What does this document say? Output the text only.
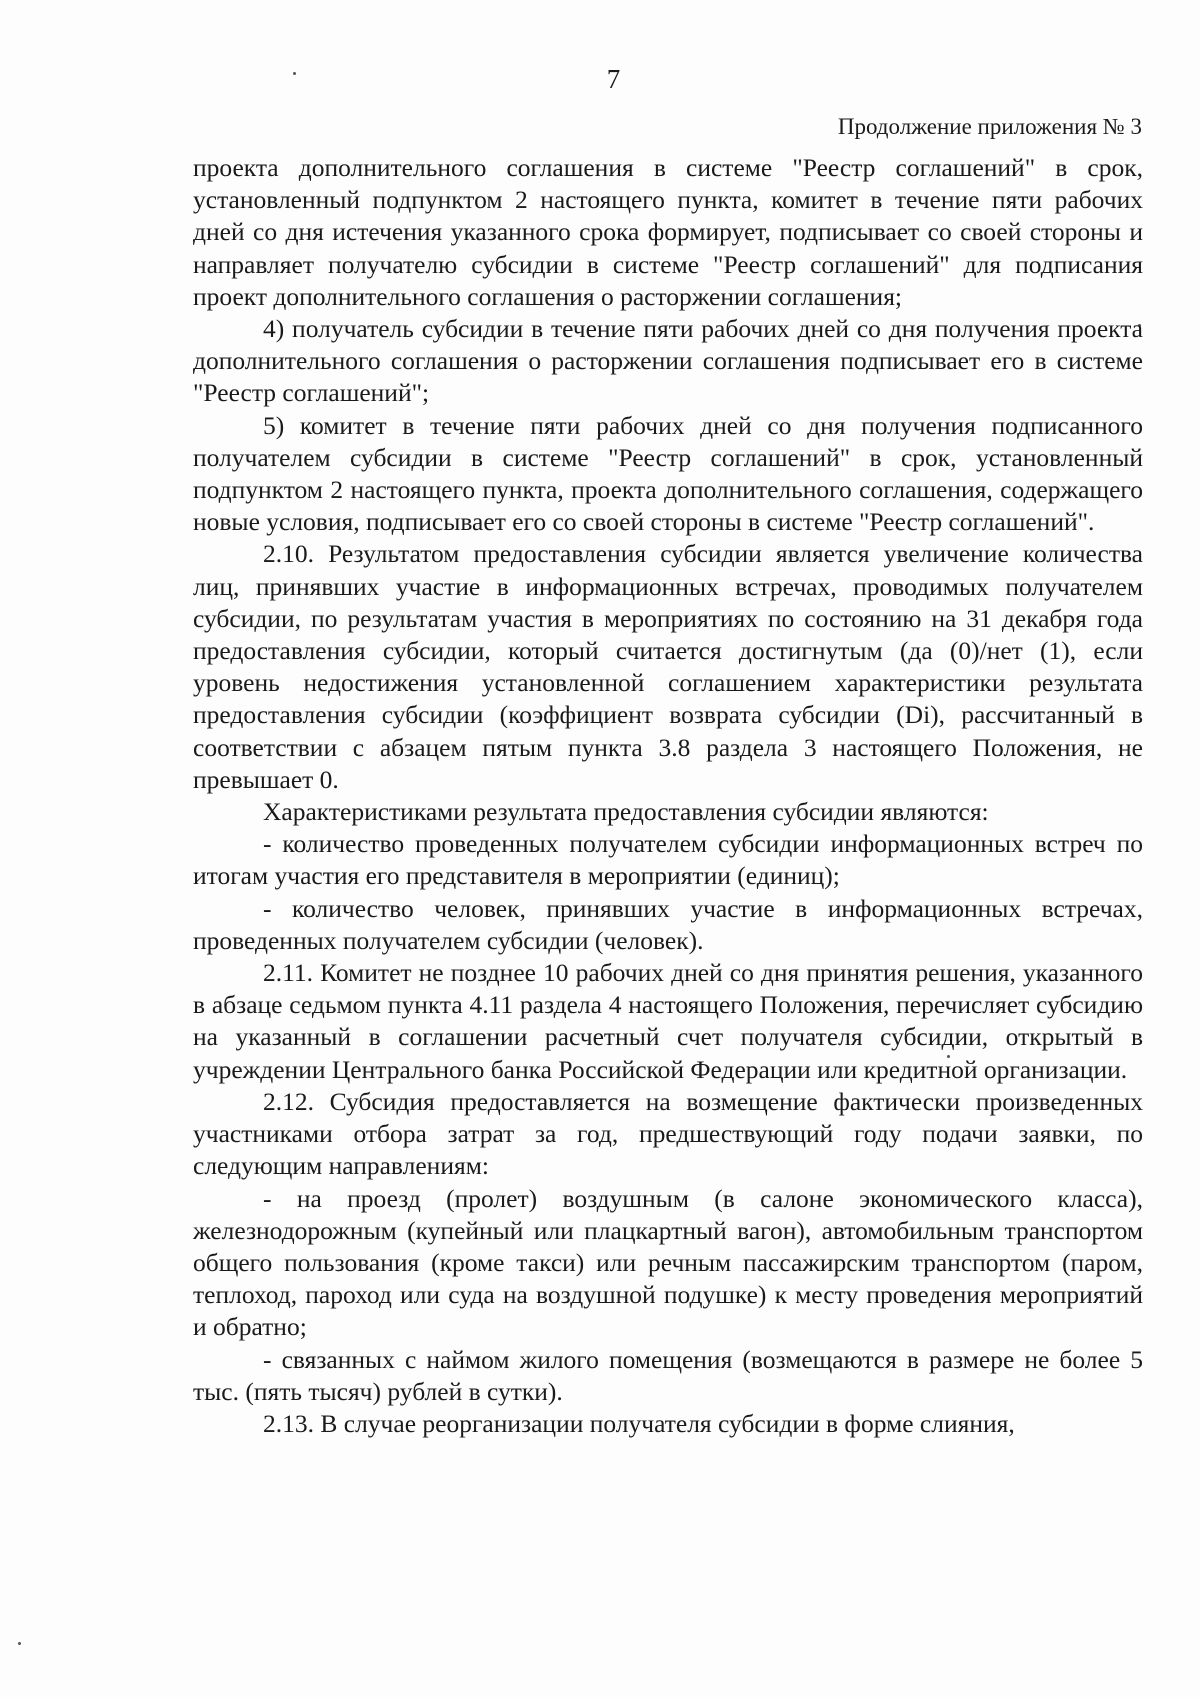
7
Продолжение приложения № 3

проекта дополнительного соглашения в системе "Реестр соглашений" в срок, установленный подпунктом 2 настоящего пункта, комитет в течение пяти рабочих дней со дня истечения указанного срока формирует, подписывает со своей стороны и направляет получателю субсидии в системе "Реестр соглашений" для подписания проект дополнительного соглашения о расторжении соглашения;

4) получатель субсидии в течение пяти рабочих дней со дня получения проекта дополнительного соглашения о расторжении соглашения подписывает его в системе "Реестр соглашений";

5) комитет в течение пяти рабочих дней со дня получения подписанного получателем субсидии в системе "Реестр соглашений" в срок, установленный подпунктом 2 настоящего пункта, проекта дополнительного соглашения, содержащего новые условия, подписывает его со своей стороны в системе "Реестр соглашений".

2.10. Результатом предоставления субсидии является увеличение количества лиц, принявших участие в информационных встречах, проводимых получателем субсидии, по результатам участия в мероприятиях по состоянию на 31 декабря года предоставления субсидии, который считается достигнутым (да (0)/нет (1), если уровень недостижения установленной соглашением характеристики результата предоставления субсидии (коэффициент возврата субсидии (Di), рассчитанный в соответствии с абзацем пятым пункта 3.8 раздела 3 настоящего Положения, не превышает 0.

Характеристиками результата предоставления субсидии являются:

- количество проведенных получателем субсидии информационных встреч по итогам участия его представителя в мероприятии (единиц);

- количество человек, принявших участие в информационных встречах, проведенных получателем субсидии (человек).

2.11. Комитет не позднее 10 рабочих дней со дня принятия решения, указанного в абзаце седьмом пункта 4.11 раздела 4 настоящего Положения, перечисляет субсидию на указанный в соглашении расчетный счет получателя субсидии, открытый в учреждении Центрального банка Российской Федерации или кредитной организации.

2.12. Субсидия предоставляется на возмещение фактически произведенных участниками отбора затрат за год, предшествующий году подачи заявки, по следующим направлениям:

- на проезд (пролет) воздушным (в салоне экономического класса), железнодорожным (купейный или плацкартный вагон), автомобильным транспортом общего пользования (кроме такси) или речным пассажирским транспортом (паром, теплоход, пароход или суда на воздушной подушке) к месту проведения мероприятий и обратно;

- связанных с наймом жилого помещения (возмещаются в размере не более 5 тыс. (пять тысяч) рублей в сутки).

2.13. В случае реорганизации получателя субсидии в форме слияния,
